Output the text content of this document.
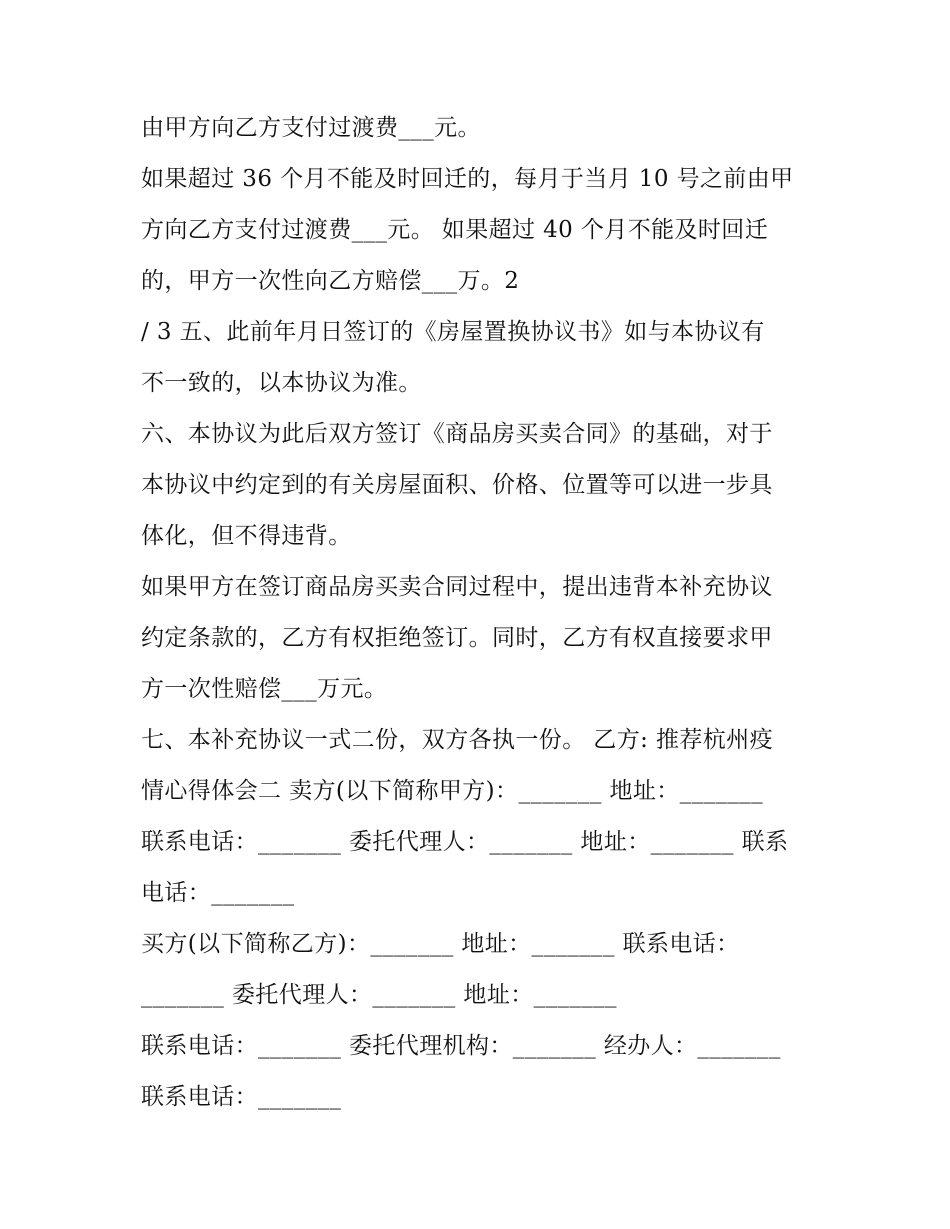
由甲方向乙方支付过渡费___元。
如果超过 36 个月不能及时回迁的，每月于当月 10 号之前由甲
方向乙方支付过渡费___元。 如果超过 40 个月不能及时回迁
的，甲方一次性向乙方赔偿___万。2
/ 3 五、此前年月日签订的《房屋置换协议书》如与本协议有
不一致的，以本协议为准。
六、本协议为此后双方签订《商品房买卖合同》的基础，对于
本协议中约定到的有关房屋面积、价格、位置等可以进一步具
体化，但不得违背。
如果甲方在签订商品房买卖合同过程中，提出违背本补充协议
约定条款的，乙方有权拒绝签订。同时，乙方有权直接要求甲
方一次性赔偿___万元。
七、本补充协议一式二份，双方各执一份。 乙方: 推荐杭州疫
情心得体会二 卖方(以下简称甲方)：_______ 地址：_______
联系电话：_______ 委托代理人：_______ 地址：_______ 联系
电话：_______
买方(以下简称乙方)：_______ 地址：_______ 联系电话：
_______ 委托代理人：_______ 地址：_______
联系电话：_______ 委托代理机构：_______ 经办人：_______
联系电话：_______
